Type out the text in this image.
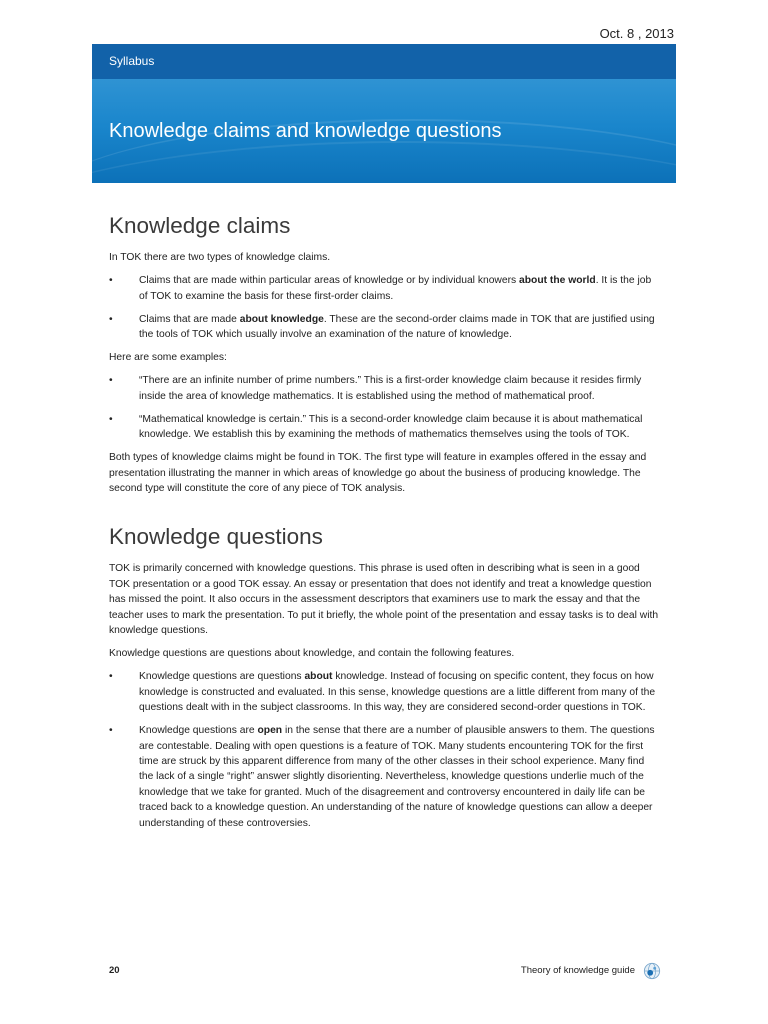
Oct. 8 , 2013
Syllabus
Knowledge claims and knowledge questions
Knowledge claims

In TOK there are two types of knowledge claims.

•	Claims that are made within particular areas of knowledge or by individual knowers about the world. It is the job of TOK to examine the basis for these first-order claims.
•	Claims that are made about knowledge. These are the second-order claims made in TOK that are justified using the tools of TOK which usually involve an examination of the nature of knowledge.

Here are some examples:

•	“There are an infinite number of prime numbers.” This is a first-order knowledge claim because it resides firmly inside the area of knowledge mathematics. It is established using the method of mathematical proof.
•	“Mathematical knowledge is certain.” This is a second-order knowledge claim because it is about mathematical knowledge. We establish this by examining the methods of mathematics themselves using the tools of TOK.

Both types of knowledge claims might be found in TOK. The first type will feature in examples offered in the essay and presentation illustrating the manner in which areas of knowledge go about the business of producing knowledge. The second type will constitute the core of any piece of TOK analysis.

Knowledge questions

TOK is primarily concerned with knowledge questions. This phrase is used often in describing what is seen in a good TOK presentation or a good TOK essay. An essay or presentation that does not identify and treat a knowledge question has missed the point. It also occurs in the assessment descriptors that examiners use to mark the essay and that the teacher uses to mark the presentation. To put it briefly, the whole point of the presentation and essay tasks is to deal with knowledge questions.

Knowledge questions are questions about knowledge, and contain the following features.

•	Knowledge questions are questions about knowledge. Instead of focusing on specific content, they focus on how knowledge is constructed and evaluated. In this sense, knowledge questions are a little different from many of the questions dealt with in the subject classrooms. In this way, they are considered second-order questions in TOK.
•	Knowledge questions are open in the sense that there are a number of plausible answers to them. The questions are contestable. Dealing with open questions is a feature of TOK. Many students encountering TOK for the first time are struck by this apparent difference from many of the other classes in their school experience. Many find the lack of a single “right” answer slightly disorienting. Nevertheless, knowledge questions underlie much of the knowledge that we take for granted. Much of the disagreement and controversy encountered in daily life can be traced back to a knowledge question. An understanding of the nature of knowledge questions can allow a deeper understanding of these controversies.
20	Theory of knowledge guide
